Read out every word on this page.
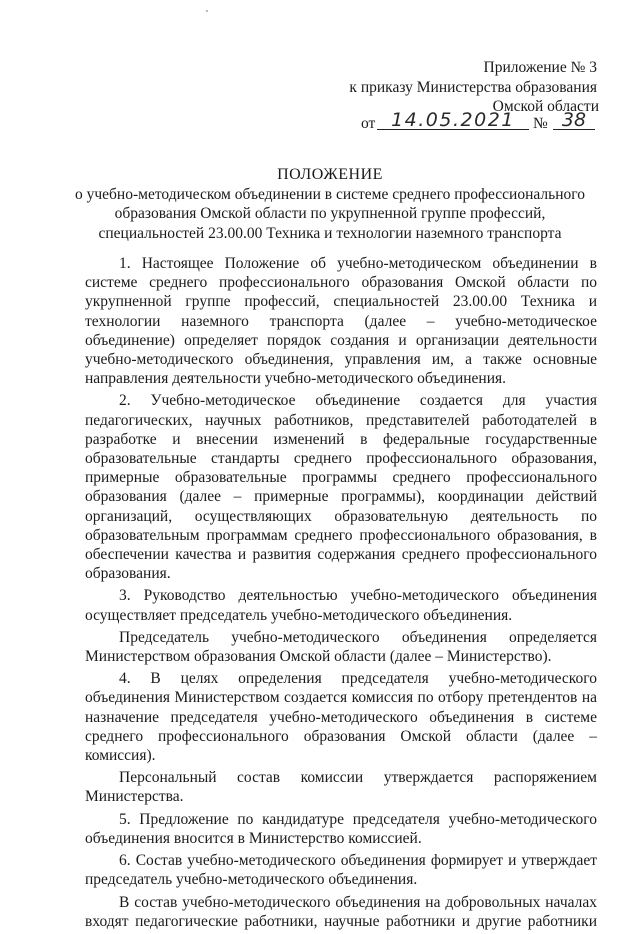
Приложение № 3
к приказу Министерства образования
Омской области
от 14.05.2021	№ 38
ПОЛОЖЕНИЕ
о учебно-методическом объединении в системе среднего профессионального
образования Омской области по укрупненной группе профессий,
специальностей 23.00.00 Техника и технологии наземного транспорта

1. Настоящее Положение об учебно-методическом объединении в системе среднего профессионального образования Омской области по укрупненной группе профессий, специальностей 23.00.00 Техника и технологии наземного транспорта (далее – учебно-методическое объединение) определяет порядок создания и организации деятельности учебно-методического объединения, управления им, а также основные направления деятельности учебно-методического объединения.

2. Учебно-методическое объединение создается для участия педагогических, научных работников, представителей работодателей в разработке и внесении изменений в федеральные государственные образовательные стандарты среднего профессионального образования, примерные образовательные программы среднего профессионального образования (далее – примерные программы), координации действий организаций, осуществляющих образовательную деятельность по образовательным программам среднего профессионального образования, в обеспечении качества и развития содержания среднего профессионального образования.

3. Руководство деятельностью учебно-методического объединения осуществляет председатель учебно-методического объединения.

Председатель учебно-методического объединения определяется Министерством образования Омской области (далее – Министерство).

4. В целях определения председателя учебно-методического объединения Министерством создается комиссия по отбору претендентов на назначение председателя учебно-методического объединения в системе среднего профессионального образования Омской области (далее – комиссия).

Персональный состав комиссии утверждается распоряжением Министерства.

5. Предложение по кандидатуре председателя учебно-методического объединения вносится в Министерство комиссией.

6. Состав учебно-методического объединения формирует и утверждает председатель учебно-методического объединения.

В состав учебно-методического объединения на добровольных началах входят педагогические работники, научные работники и другие работники
